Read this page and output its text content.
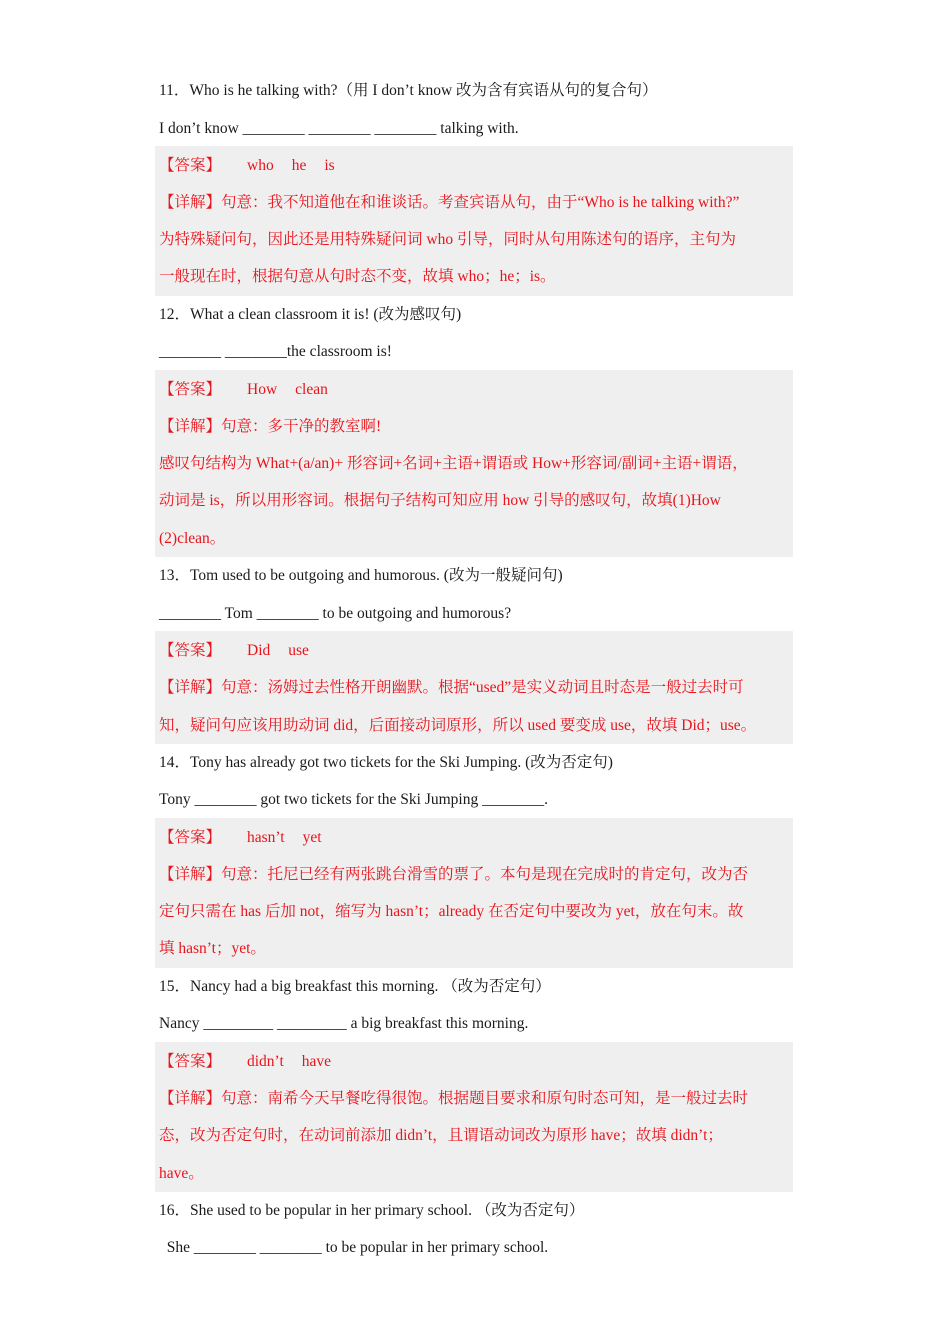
11．Who is he talking with?（用 I don’t know 改为含有宾语从句的复合句）
I don’t know ________ ________ ________ talking with.
【答案】 who he is
【详解】句意：我不知道他在和谁谈话。考查宾语从句，由于“Who is he talking with?”
为特殊疑问句，因此还是用特殊疑问词 who 引导，同时从句用陈述句的语序，主句为
一般现在时，根据句意从句时态不变，故填 who；he；is。
12．What a clean classroom it is! (改为感叹句)
________ ________the classroom is!
【答案】 How clean
【详解】句意：多干净的教室啊!
感叹句结构为 What+(a/an)+ 形容词+名词+主语+谓语或 How+形容词/副词+主语+谓语，
动词是 is，所以用形容词。根据句子结构可知应用 how 引导的感叹句，故填(1)How
(2)clean。
13．Tom used to be outgoing and humorous. (改为一般疑问句)
________ Tom ________ to be outgoing and humorous?
【答案】 Did use
【详解】句意：汤姆过去性格开朗幽默。根据“used”是实义动词且时态是一般过去时可
知，疑问句应该用助动词 did，后面接动词原形，所以 used 要变成 use，故填 Did；use。
14．Tony has already got two tickets for the Ski Jumping. (改为否定句)
Tony ________ got two tickets for the Ski Jumping ________.
【答案】 hasn’t yet
【详解】句意：托尼已经有两张跳台滑雪的票了。本句是现在完成时的肯定句，改为否
定句只需在 has 后加 not，缩写为 hasn’t；already 在否定句中要改为 yet，放在句末。故
填 hasn’t；yet。
15．Nancy had a big breakfast this morning. （改为否定句）
Nancy _________ _________ a big breakfast this morning.
【答案】 didn’t have
【详解】句意：南希今天早餐吃得很饱。根据题目要求和原句时态可知，是一般过去时
态，改为否定句时，在动词前添加 didn’t，且谓语动词改为原形 have；故填 didn’t；
have。
16．She used to be popular in her primary school. （改为否定句）
She ________ ________ to be popular in her primary school.
